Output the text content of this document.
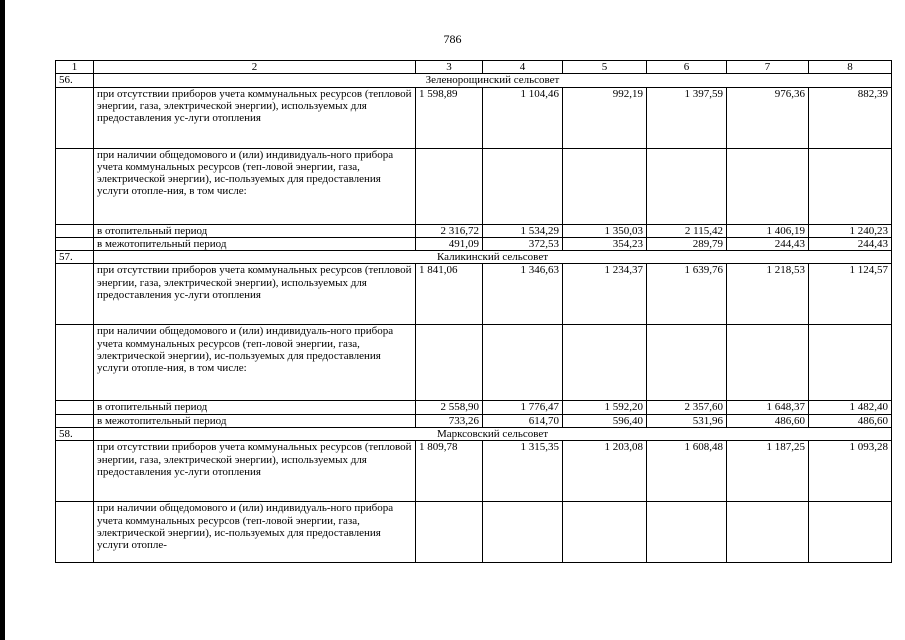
786
1	2	3	4	5	6	7	8
56.	Зеленорощинский сельсовет						
	при отсутствии приборов учета коммунальных ресурсов (тепловой энергии, газа, электрической энергии), используемых для предоставления ус-луги отопления	1 598,89	1 104,46	992,19	1 397,59	976,36	882,39
	при наличии общедомового и (или) индивидуаль-ного прибора учета коммунальных ресурсов (теп-ловой энергии, газа, электрической энергии), ис-пользуемых для предоставления услуги отопле-ния, в том числе:						
	в отопительный период	2 316,72	1 534,29	1 350,03	2 115,42	1 406,19	1 240,23
	в межотопительный период	491,09	372,53	354,23	289,79	244,43	244,43
57.	Каликинский сельсовет						
	при отсутствии приборов учета коммунальных ресурсов (тепловой энергии, газа, электрической энергии), используемых для предоставления ус-луги отопления	1 841,06	1 346,63	1 234,37	1 639,76	1 218,53	1 124,57
	при наличии общедомового и (или) индивидуаль-ного прибора учета коммунальных ресурсов (теп-ловой энергии, газа, электрической энергии), ис-пользуемых для предоставления услуги отопле-ния, в том числе:						
	в отопительный период	2 558,90	1 776,47	1 592,20	2 357,60	1 648,37	1 482,40
	в межотопительный период	733,26	614,70	596,40	531,96	486,60	486,60
58.	Марксовский сельсовет						
	при отсутствии приборов учета коммунальных ресурсов (тепловой энергии, газа, электрической энергии), используемых для предоставления ус-луги отопления	1 809,78	1 315,35	1 203,08	1 608,48	1 187,25	1 093,28
	при наличии общедомового и (или) индивидуаль-ного прибора учета коммунальных ресурсов (теп-ловой энергии, газа, электрической энергии), ис-пользуемых для предоставления услуги отопле-						
